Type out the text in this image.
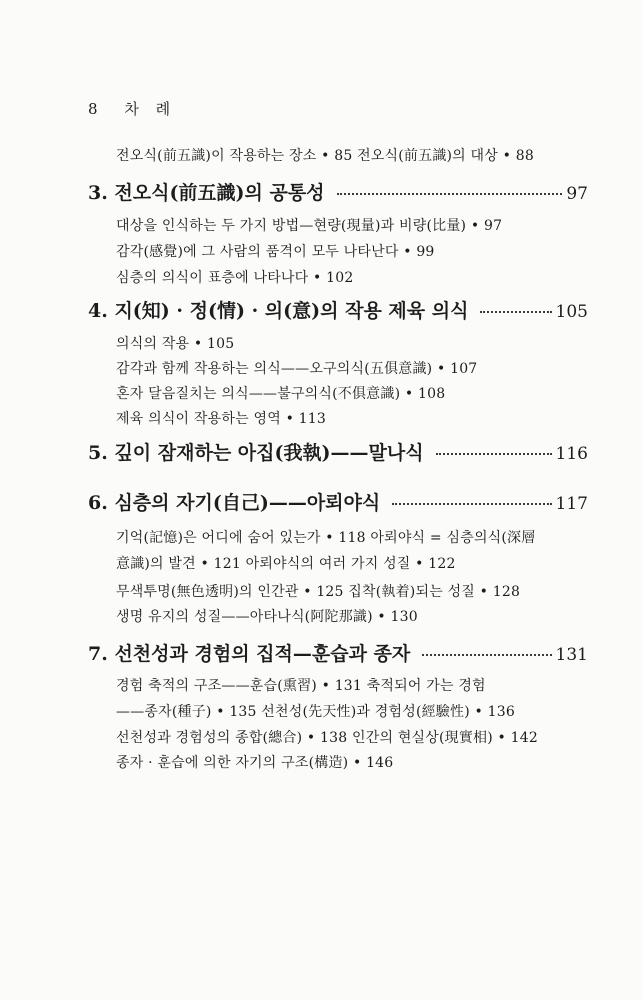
8 차 례
전오식(前五識)이 작용하는 장소 • 85 전오식(前五識)의 대상 • 88
3. 전오식(前五識)의 공통성	97
대상을 인식하는 두 가지 방법—현량(現量)과 비량(比量) • 97
감각(感覺)에 그 사람의 품격이 모두 나타난다 • 99
심층의 의식이 표층에 나타나다 • 102
4. 지(知) · 정(情) · 의(意)의 작용 제육 의식	105
의식의 작용 • 105
감각과 함께 작용하는 의식——오구의식(五俱意識) • 107
혼자 달음질치는 의식——불구의식(不俱意識) • 108
제육 의식이 작용하는 영역 • 113
5. 깊이 잠재하는 아집(我執)——말나식	116
6. 심층의 자기(自己)——아뢰야식	117
기억(記憶)은 어디에 숨어 있는가 • 118 아뢰야식 = 심층의식(深層
意識)의 발견 • 121 아뢰야식의 여러 가지 성질 • 122
무색투명(無色透明)의 인간관 • 125 집착(執着)되는 성질 • 128
생명 유지의 성질——아타나식(阿陀那識) • 130
7. 선천성과 경험의 집적—훈습과 종자	131
경험 축적의 구조——훈습(熏習) • 131 축적되어 가는 경험
——종자(種子) • 135 선천성(先天性)과 경험성(經驗性) • 136
선천성과 경험성의 종합(總合) • 138 인간의 현실상(現實相) • 142
종자 · 훈습에 의한 자기의 구조(構造) • 146
